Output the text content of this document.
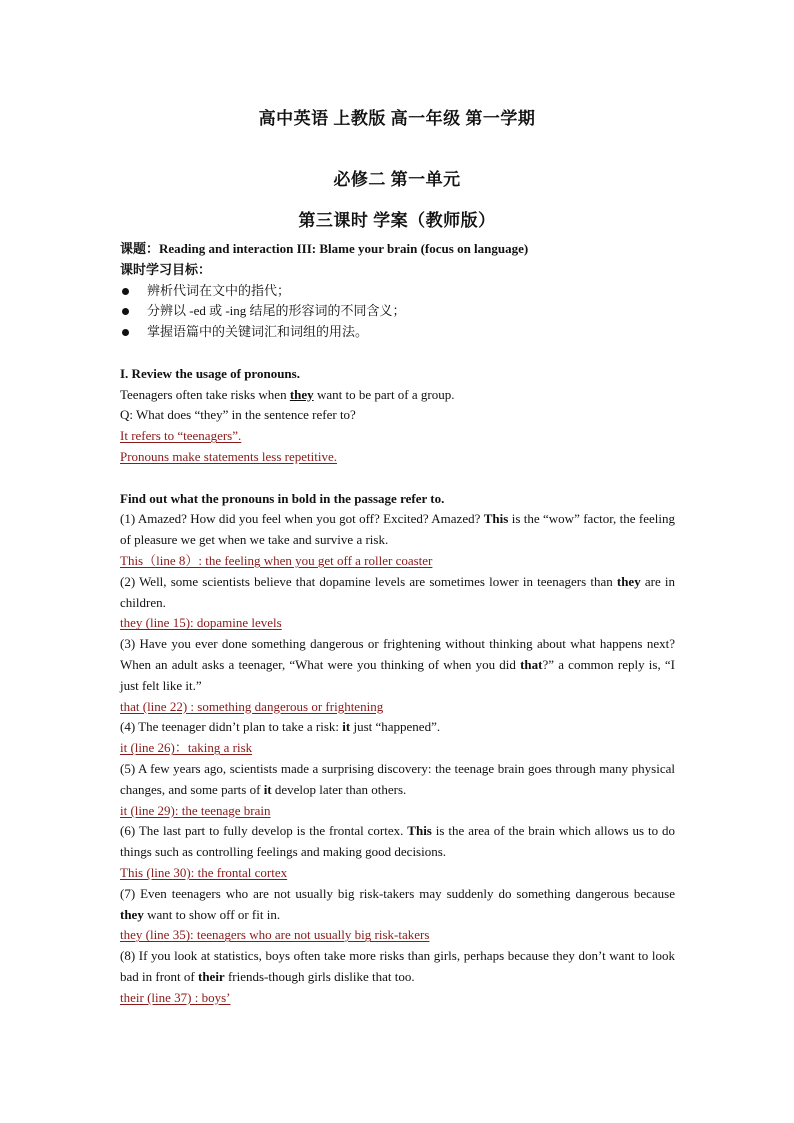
高中英语 上教版 高一年级 第一学期
必修二 第一单元
第三课时 学案（教师版）
课题：Reading and interaction III: Blame your brain (focus on language)
课时学习目标：
辨析代词在文中的指代；
分辨以 -ed 或 -ing 结尾的形容词的不同含义；
掌握语篇中的关键词汇和词组的用法。
I. Review the usage of pronouns.
Teenagers often take risks when they want to be part of a group.
Q: What does “they” in the sentence refer to?
It refers to “teenagers”.
Pronouns make statements less repetitive.
Find out what the pronouns in bold in the passage refer to.
(1) Amazed? How did you feel when you got off? Excited? Amazed? This is the “wow” factor, the feeling of pleasure we get when we take and survive a risk.
This（line 8）: the feeling when you get off a roller coaster
(2) Well, some scientists believe that dopamine levels are sometimes lower in teenagers than they are in children.
they (line 15): dopamine levels
(3) Have you ever done something dangerous or frightening without thinking about what happens next? When an adult asks a teenager, “What were you thinking of when you did that?” a common reply is, “I just felt like it.”
that (line 22) : something dangerous or frightening
(4) The teenager didn’t plan to take a risk: it just “happened”.
it (line 26)：taking a risk
(5) A few years ago, scientists made a surprising discovery: the teenage brain goes through many physical changes, and some parts of it develop later than others.
it (line 29): the teenage brain
(6) The last part to fully develop is the frontal cortex. This is the area of the brain which allows us to do things such as controlling feelings and making good decisions.
This (line 30): the frontal cortex
(7) Even teenagers who are not usually big risk-takers may suddenly do something dangerous because they want to show off or fit in.
they (line 35): teenagers who are not usually big risk-takers
(8) If you look at statistics, boys often take more risks than girls, perhaps because they don’t want to look bad in front of their friends-though girls dislike that too.
their (line 37) : boys’
